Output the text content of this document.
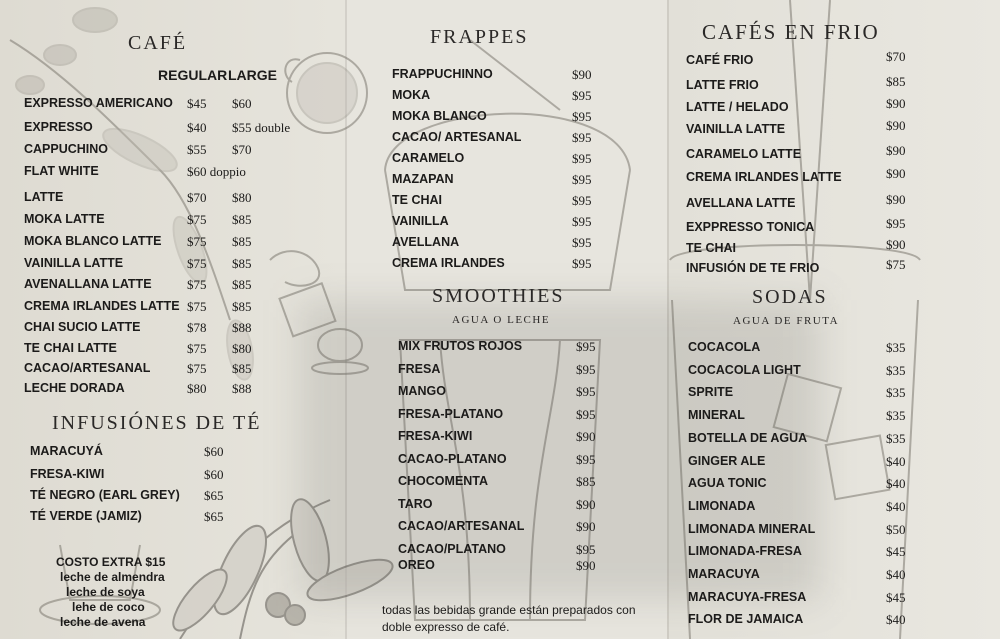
CAFÉ
REGULAR LARGE
EXPRESSO AMERICANO $45 $60
EXPRESSO	$40 $55 double
CAPPUCHINO	$55 $70
FLAT WHITE	$60 doppio
LATTE	$70 $80
MOKA LATTE	$75 $85
MOKA BLANCO LATTE $75 $85
VAINILLA LATTE	$75 $85
AVENALLANA LATTE	$75 $85
CREMA IRLANDES LATTE $75 $85
CHAI SUCIO LATTE	$78 $88
TE CHAI LATTE	$75 $80
CACAO/ARTESANAL	$75 $85
LECHE DORADA	$80 $88
INFUSIÓNES DE TÉ
MARACUYÁ	$60
FRESA-KIWI	$60
TÉ NEGRO (EARL GREY) $65
TÉ VERDE (JAMIZ)	$65
COSTO EXTRA $15
leche de almendra
leche de soya
lehe de coco
leche de avena
FRAPPES
FRAPPUCHINNO	$90
MOKA	$95
MOKA BLANCO	$95
CACAO/ ARTESANAL	$95
CARAMELO	$95
MAZAPAN	$95
TE CHAI	$95
VAINILLA	$95
AVELLANA	$95
CREMA IRLANDES	$95
SMOOTHIES
AGUA O LECHE
MIX FRUTOS ROJOS	$95
FRESA	$95
MANGO	$95
FRESA-PLATANO	$95
FRESA-KIWI	$90
CACAO-PLATANO	$95
CHOCOMENTA	$85
TARO	$90
CACAO/ARTESANAL	$90
CACAO/PLATANO	$95
OREO	$90
todas las bebidas grande están preparados con
doble expresso de café.
CAFÉS EN FRIO
CAFÉ FRIO	$70
LATTE FRIO	$85
LATTE / HELADO	$90
VAINILLA LATTE	$90
CARAMELO LATTE	$90
CREMA IRLANDES LATTE	$90
AVELLANA LATTE	$90
EXPPRESSO TONICA	$95
TE CHAI	$90
INFUSIÓN DE TE FRIO	$75
SODAS
AGUA DE FRUTA
COCACOLA	$35
COCACOLA LIGHT	$35
SPRITE	$35
MINERAL	$35
BOTELLA DE AGUA	$35
GINGER ALE	$40
AGUA TONIC	$40
LIMONADA	$40
LIMONADA MINERAL	$50
LIMONADA-FRESA	$45
MARACUYA	$40
MARACUYA-FRESA	$45
FLOR DE JAMAICA	$40
